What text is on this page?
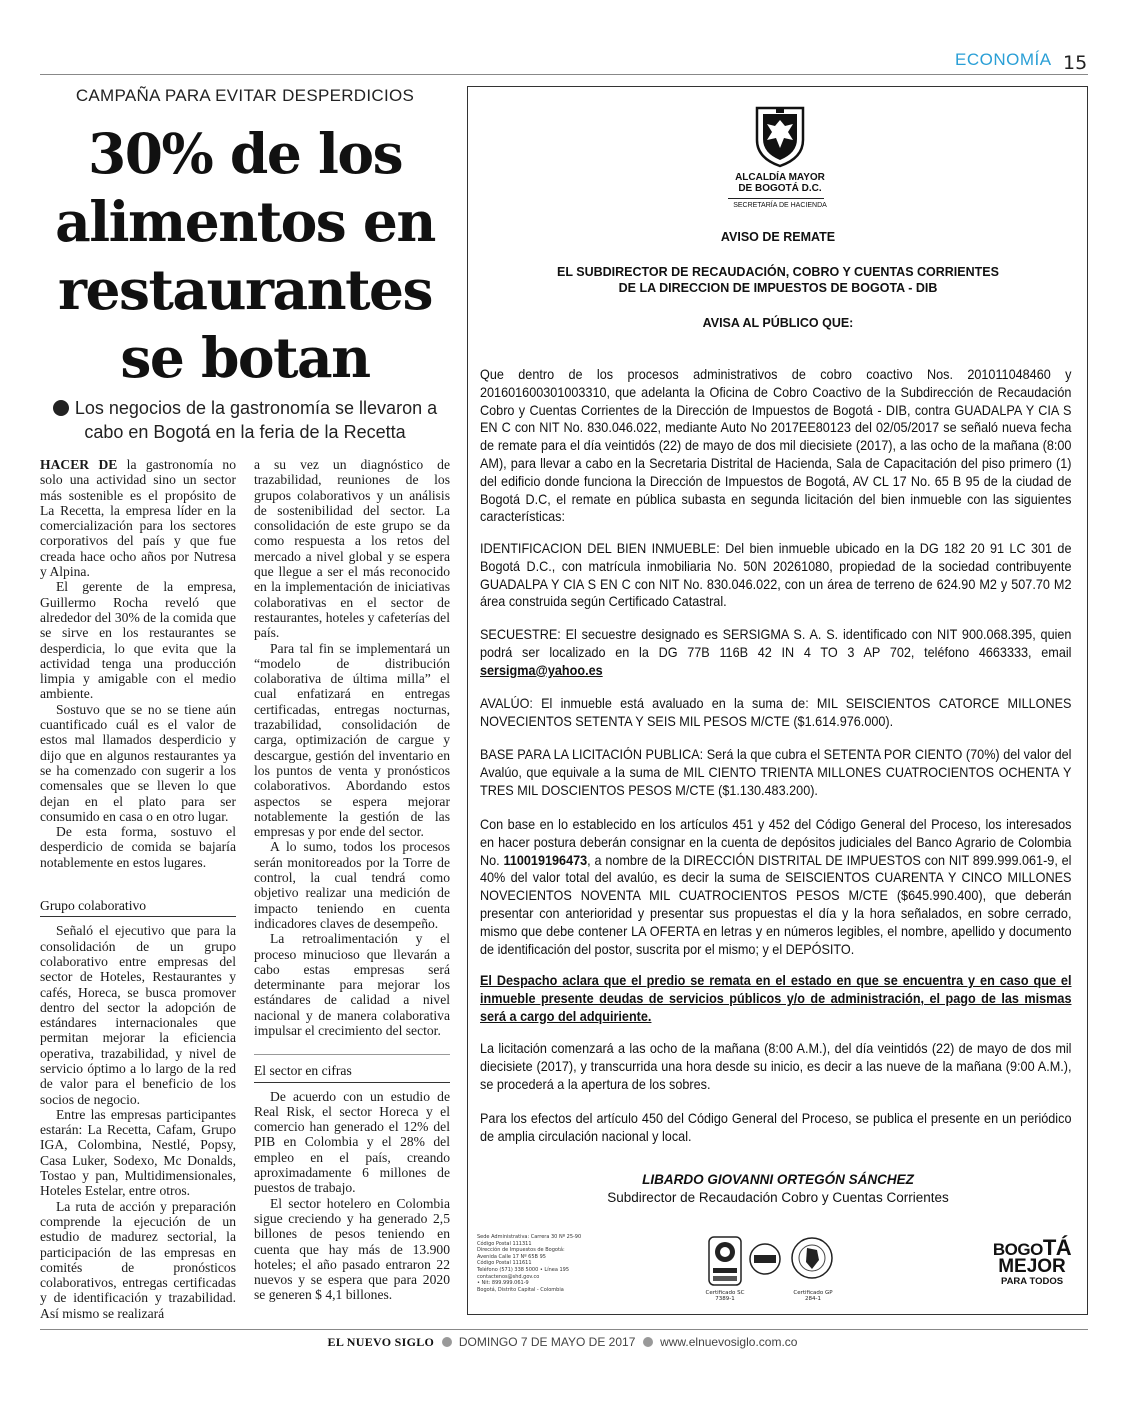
ECONOMÍA 15
CAMPAÑA PARA EVITAR DESPERDICIOS
30% de los
alimentos en
restaurantes
se botan
Los negocios de la gastronomía se llevaron a cabo en Bogotá en la feria de la Recetta

HACER DE la gastronomía no solo una actividad sino un sector más sostenible es el propósito de La Recetta, la empresa líder en la comercialización para los sectores corporativos del país y que fue creada hace ocho años por Nutresa y Alpina.

El gerente de la empresa, Guillermo Rocha reveló que alrededor del 30% de la comida que se sirve en los restaurantes se desperdicia, lo que evita que la actividad tenga una producción limpia y amigable con el medio ambiente.

Sostuvo que se no se tiene aún cuantificado cuál es el valor de estos mal llamados desperdicio y dijo que en algunos restaurantes ya se ha comenzado con sugerir a los comensales que se lleven lo que dejan en el plato para ser consumido en casa o en otro lugar.

De esta forma, sostuvo el desperdicio de comida se bajaría notablemente en estos lugares.

Grupo colaborativo

Señaló el ejecutivo que para la consolidación de un grupo colaborativo entre empresas del sector de Hoteles, Restaurantes y cafés, Horeca, se busca promover dentro del sector la adopción de estándares internacionales que permitan mejorar la eficiencia operativa, trazabilidad, y nivel de servicio óptimo a lo largo de la red de valor para el beneficio de los socios de negocio.

Entre las empresas participantes estarán: La Recetta, Cafam, Grupo IGA, Colombina, Nestlé, Popsy, Casa Luker, Sodexo, Mc Donalds, Tostao y pan, Multidimensionales, Hoteles Estelar, entre otros.

La ruta de acción y preparación comprende la ejecución de un estudio de madurez sectorial, la participación de las empresas en comités de pronósticos colaborativos, entregas certificadas y de identificación y trazabilidad. Así mismo se realizará

a su vez un diagnóstico de trazabilidad, reuniones de los grupos colaborativos y un análisis de sostenibilidad del sector. La consolidación de este grupo se da como respuesta a los retos del mercado a nivel global y se espera que llegue a ser el más reconocido en la implementación de iniciativas colaborativas en el sector de restaurantes, hoteles y cafeterías del país.

Para tal fin se implementará un “modelo de distribución colaborativa de última milla” el cual enfatizará en entregas certificadas, entregas nocturnas, trazabilidad, consolidación de carga, optimización de cargue y descargue, gestión del inventario en los puntos de venta y pronósticos colaborativos. Abordando estos aspectos se espera mejorar notablemente la gestión de las empresas y por ende del sector.

A lo sumo, todos los procesos serán monitoreados por la Torre de control, la cual tendrá como objetivo realizar una medición de impacto teniendo en cuenta indicadores claves de desempeño.

La retroalimentación y el proceso minucioso que llevarán a cabo estas empresas será determinante para mejorar los estándares de calidad a nivel nacional y de manera colaborativa impulsar el crecimiento del sector.

El sector en cifras

De acuerdo con un estudio de Real Risk, el sector Horeca y el comercio han generado el 12% del PIB en Colombia y el 28% del empleo en el país, creando aproximadamente 6 millones de puestos de trabajo.

El sector hotelero en Colombia sigue creciendo y ha generado 2,5 billones de pesos teniendo en cuenta que hay más de 13.900 hoteles; el año pasado entraron 22 nuevos y se espera que para 2020 se generen $ 4,1 billones.

ALCALDÍA MAYOR
DE BOGOTÁ D.C.
SECRETARÍA DE HACIENDA
AVISO DE REMATE
EL SUBDIRECTOR DE RECAUDACIÓN, COBRO Y CUENTAS CORRIENTES
DE LA DIRECCION DE IMPUESTOS DE BOGOTA - DIB
AVISA AL PÚBLICO QUE:
Que dentro de los procesos administrativos de cobro coactivo Nos. 201011048460 y 201601600301003310, que adelanta la Oficina de Cobro Coactivo de la Subdirección de Recaudación Cobro y Cuentas Corrientes de la Dirección de Impuestos de Bogotá - DIB, contra GUADALPA Y CIA S EN C con NIT No. 830.046.022, mediante Auto No 2017EE80123 del 02/05/2017 se señaló nueva fecha de remate para el día veintidós (22) de mayo de dos mil diecisiete (2017), a las ocho de la mañana (8:00 AM), para llevar a cabo en la Secretaria Distrital de Hacienda, Sala de Capacitación del piso primero (1) del edificio donde funciona la Dirección de Impuestos de Bogotá, AV CL 17 No. 65 B 95 de la ciudad de Bogotá D.C, el remate en pública subasta en segunda licitación del bien inmueble con las siguientes características:
IDENTIFICACION DEL BIEN INMUEBLE: Del bien inmueble ubicado en la DG 182 20 91 LC 301 de Bogotá D.C., con matrícula inmobiliaria No. 50N 20261080, propiedad de la sociedad contribuyente GUADALPA Y CIA S EN C con NIT No. 830.046.022, con un área de terreno de 624.90 M2 y 507.70 M2 área construida según Certificado Catastral.
SECUESTRE: El secuestre designado es SERSIGMA S. A. S. identificado con NIT 900.068.395, quien podrá ser localizado en la DG 77B 116B 42 IN 4 TO 3 AP 702, teléfono 4663333, email sersigma@yahoo.es
AVALÚO: El inmueble está avaluado en la suma de: MIL SEISCIENTOS CATORCE MILLONES NOVECIENTOS SETENTA Y SEIS MIL PESOS M/CTE ($1.614.976.000).
BASE PARA LA LICITACIÓN PUBLICA: Será la que cubra el SETENTA POR CIENTO (70%) del valor del Avalúo, que equivale a la suma de MIL CIENTO TRIENTA MILLONES CUATROCIENTOS OCHENTA Y TRES MIL DOSCIENTOS PESOS M/CTE ($1.130.483.200).
Con base en lo establecido en los artículos 451 y 452 del Código General del Proceso, los interesados en hacer postura deberán consignar en la cuenta de depósitos judiciales del Banco Agrario de Colombia No. 110019196473, a nombre de la DIRECCIÓN DISTRITAL DE IMPUESTOS con NIT 899.999.061-9, el 40% del valor total del avalúo, es decir la suma de SEISCIENTOS CUARENTA Y CINCO MILLONES NOVECIENTOS NOVENTA MIL CUATROCIENTOS PESOS M/CTE ($645.990.400), que deberán presentar con anterioridad y presentar sus propuestas el día y la hora señalados, en sobre cerrado, mismo que debe contener LA OFERTA en letras y en números legibles, el nombre, apellido y documento de identificación del postor, suscrita por el mismo; y el DEPÓSITO.
El Despacho aclara que el predio se remata en el estado en que se encuentra y en caso que el inmueble presente deudas de servicios públicos y/o de administración, el pago de las mismas será a cargo del adquiriente.
La licitación comenzará a las ocho de la mañana (8:00 A.M.), del día veintidós (22) de mayo de dos mil diecisiete (2017), y transcurrida una hora desde su inicio, es decir a las nueve de la mañana (9:00 A.M.), se procederá a la apertura de los sobres.
Para los efectos del artículo 450 del Código General del Proceso, se publica el presente en un periódico de amplia circulación nacional y local.
LIBARDO GIOVANNI ORTEGÓN SÁNCHEZ
Subdirector de Recaudación Cobro y Cuentas Corrientes
Sede Administrativa: Carrera 30 Nº 25-90
Código Postal 111311
Dirección de Impuestos de Bogotá:
Avenida Calle 17 Nº 65B 95
Código Postal 111611
Teléfono (571) 338 5000 • Línea 195
contactenos@shd.gov.co
• Nit: 899.999.061-9
Bogotá, Distrito Capital - Colombia
Certificado SC 7389-1
Certificado GP 284-1
BOGOTÁ
MEJOR
PARA TODOS
EL NUEVO SIGLO DOMINGO 7 DE MAYO DE 2017 www.elnuevosiglo.com.co
